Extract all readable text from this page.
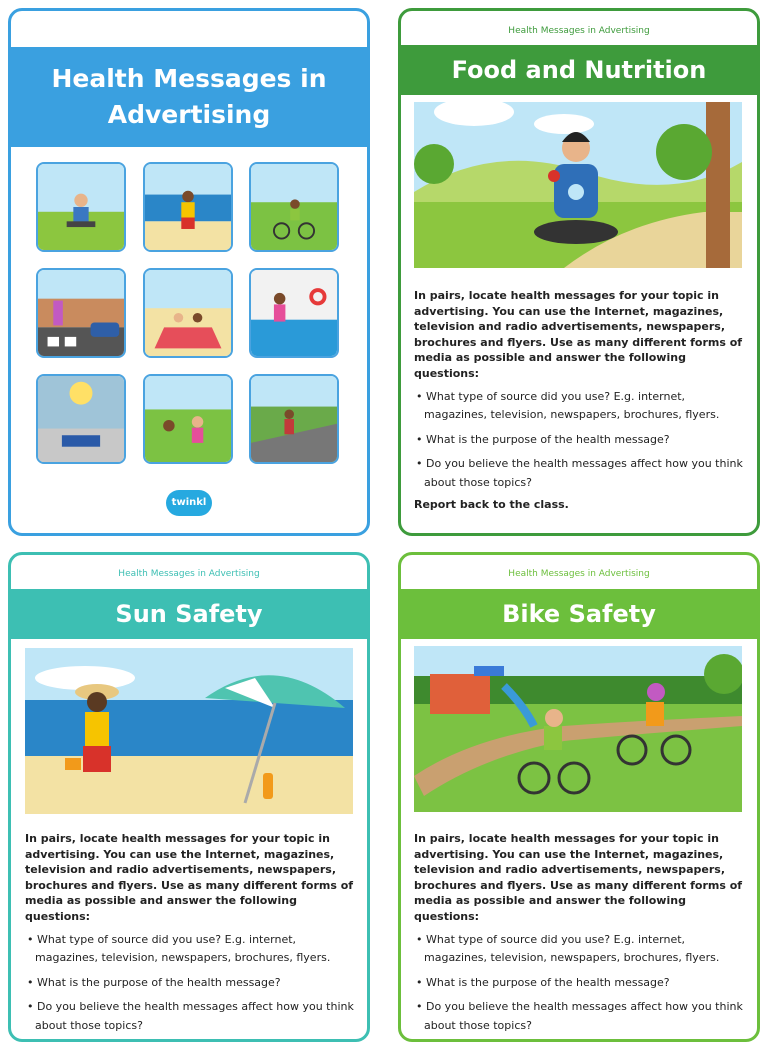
Health Messages in
Advertising
twinkl
Health Messages in Advertising
Food and Nutrition

In pairs, locate health messages for your topic in advertising. You can use the Internet, magazines, television and radio advertisements, newspapers, brochures and flyers. Use as many different forms of media as possible and answer the following questions:

• What type of source did you use? E.g. internet, magazines, television, newspapers, brochures, flyers.

• What is the purpose of the health message?

• Do you believe the health messages affect how you think about those topics?

Report back to the class.
Health Messages in Advertising
Sun Safety

In pairs, locate health messages for your topic in advertising. You can use the Internet, magazines, television and radio advertisements, newspapers, brochures and flyers. Use as many different forms of media as possible and answer the following questions:

• What type of source did you use? E.g. internet, magazines, television, newspapers, brochures, flyers.

• What is the purpose of the health message?

• Do you believe the health messages affect how you think about those topics?

Health Messages in Advertising
Bike Safety

In pairs, locate health messages for your topic in advertising. You can use the Internet, magazines, television and radio advertisements, newspapers, brochures and flyers. Use as many different forms of media as possible and answer the following questions:

• What type of source did you use? E.g. internet, magazines, television, newspapers, brochures, flyers.

• What is the purpose of the health message?

• Do you believe the health messages affect how you think about those topics?
